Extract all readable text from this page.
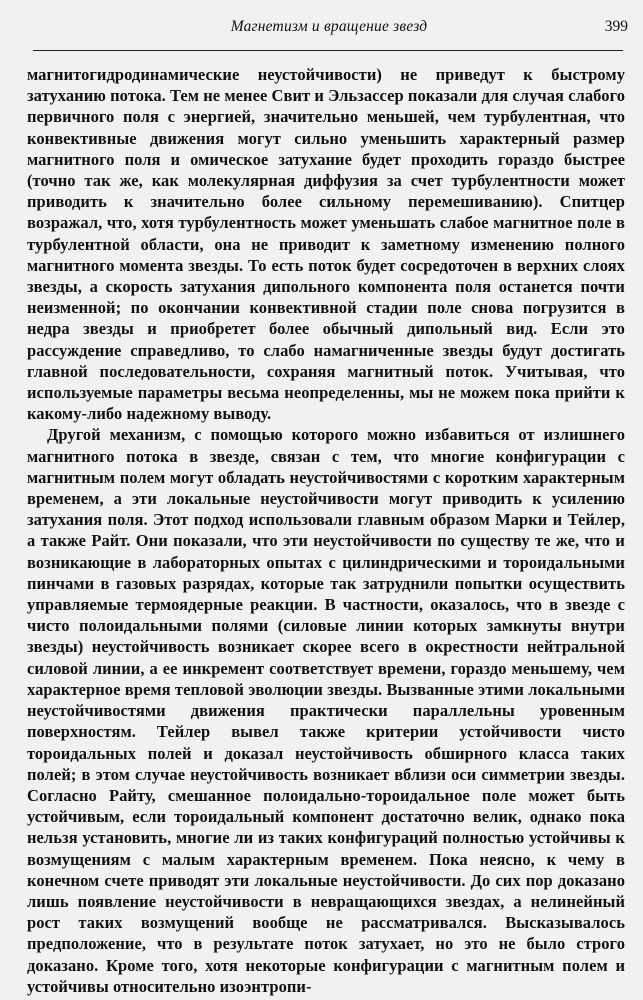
Магнетизм и вращение звезд	399

магнитогидродинамические неустойчивости) не приведут к быстрому затуханию потока. Тем не менее Свит и Эльзассер показали для случая слабого первичного поля с энергией, значительно меньшей, чем турбулентная, что конвективные движения могут сильно уменьшить характерный размер магнитного поля и омическое затухание будет проходить гораздо быстрее (точно так же, как молекулярная диффузия за счет турбулентности может приводить к значительно более сильному перемешиванию). Спитцер возражал, что, хотя турбулентность может уменьшать слабое магнитное поле в турбулентной области, она не приводит к заметному изменению полного магнитного момента звезды. То есть поток будет сосредоточен в верхних слоях звезды, а скорость затухания дипольного компонента поля останется почти неизменной; по окончании конвективной стадии поле снова погрузится в недра звезды и приобретет более обычный дипольный вид. Если это рассуждение справедливо, то слабо намагниченные звезды будут достигать главной последовательности, сохраняя магнитный поток. Учитывая, что используемые параметры весьма неопределенны, мы не можем пока прийти к какому-либо надежному выводу.

Другой механизм, с помощью которого можно избавиться от излишнего магнитного потока в звезде, связан с тем, что многие конфигурации с магнитным полем могут обладать неустойчивостями с коротким характерным временем, а эти локальные неустойчивости могут приводить к усилению затухания поля. Этот подход использовали главным образом Марки и Тейлер, а также Райт. Они показали, что эти неустойчивости по существу те же, что и возникающие в лабораторных опытах с цилиндрическими и тороидальными пинчами в газовых разрядах, которые так затруднили попытки осуществить управляемые термоядерные реакции. В частности, оказалось, что в звезде с чисто полоидальными полями (силовые линии которых замкнуты внутри звезды) неустойчивость возникает скорее всего в окрестности нейтральной силовой линии, а ее инкремент соответствует времени, гораздо меньшему, чем характерное время тепловой эволюции звезды. Вызванные этими локальными неустойчивостями движения практически параллельны уровенным поверхностям. Тейлер вывел также критерии устойчивости чисто тороидальных полей и доказал неустойчивость обширного класса таких полей; в этом случае неустойчивость возникает вблизи оси симметрии звезды. Согласно Райту, смешанное полоидально-тороидальное поле может быть устойчивым, если тороидальный компонент достаточно велик, однако пока нельзя установить, многие ли из таких конфигураций полностью устойчивы к возмущениям с малым характерным временем. Пока неясно, к чему в конечном счете приводят эти локальные неустойчивости. До сих пор доказано лишь появление неустойчивости в невращающихся звездах, а нелинейный рост таких возмущений вообще не рассматривался. Высказывалось предположение, что в результате поток затухает, но это не было строго доказано. Кроме того, хотя некоторые конфигурации с магнитным полем и устойчивы относительно изоэнтропи-
